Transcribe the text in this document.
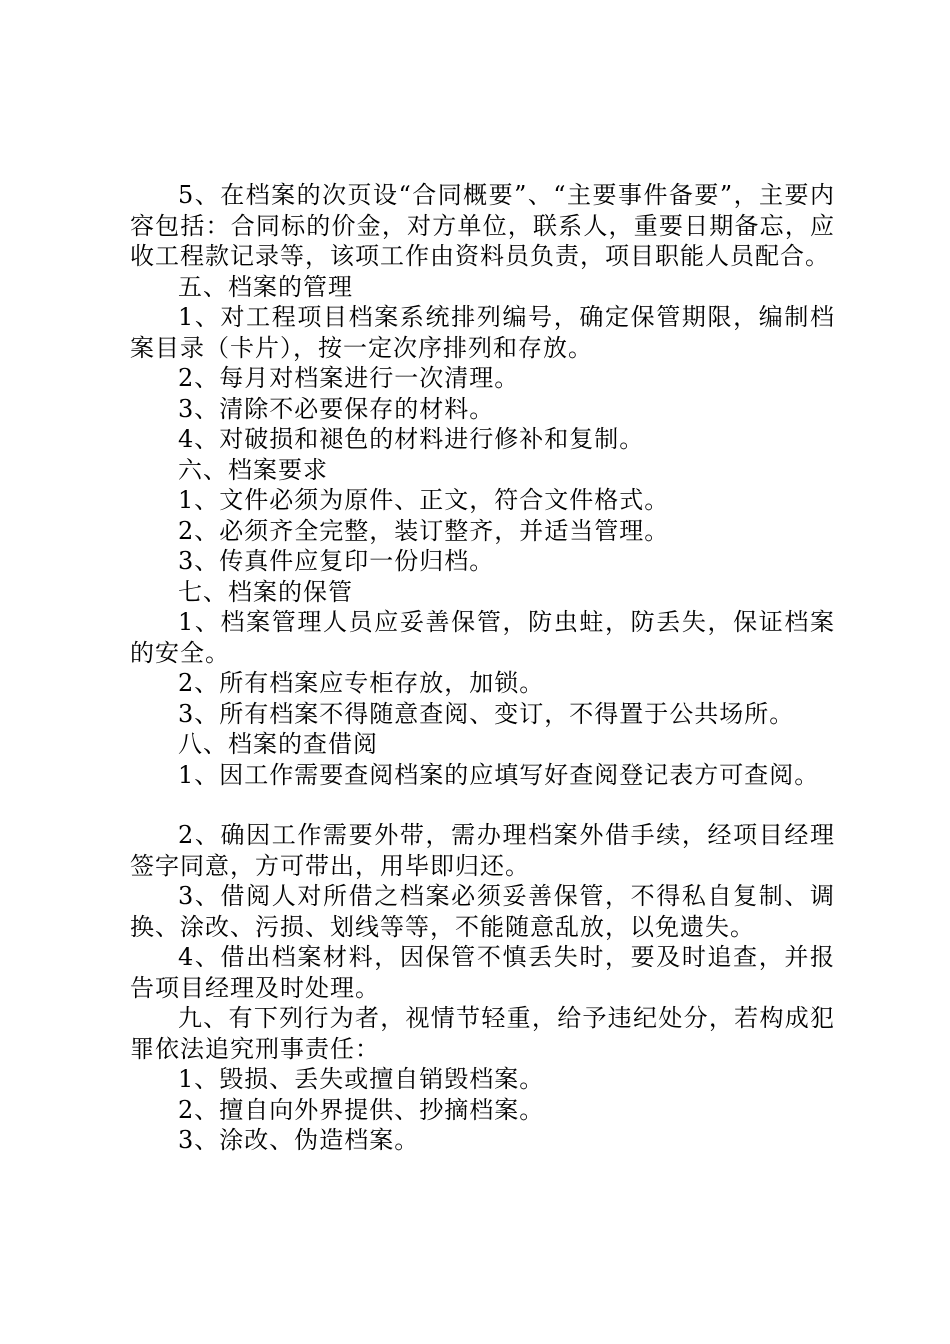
5、在档案的次页设“合同概要”、“主要事件备要”，主要内容包括：合同标的价金，对方单位，联系人，重要日期备忘，应收工程款记录等，该项工作由资料员负责，项目职能人员配合。

五、档案的管理

1、对工程项目档案系统排列编号，确定保管期限，编制档案目录（卡片），按一定次序排列和存放。

2、每月对档案进行一次清理。

3、清除不必要保存的材料。

4、对破损和褪色的材料进行修补和复制。

六、档案要求

1、文件必须为原件、正文，符合文件格式。

2、必须齐全完整，装订整齐，并适当管理。

3、传真件应复印一份归档。

七、档案的保管

1、档案管理人员应妥善保管，防虫蛀，防丢失，保证档案的安全。

2、所有档案应专柜存放，加锁。

3、所有档案不得随意查阅、变订，不得置于公共场所。

八、档案的查借阅

1、因工作需要查阅档案的应填写好查阅登记表方可查阅。

2、确因工作需要外带，需办理档案外借手续，经项目经理签字同意，方可带出，用毕即归还。

3、借阅人对所借之档案必须妥善保管，不得私自复制、调换、涂改、污损、划线等等，不能随意乱放，以免遗失。

4、借出档案材料，因保管不慎丢失时，要及时追查，并报告项目经理及时处理。

九、有下列行为者，视情节轻重，给予违纪处分，若构成犯罪依法追究刑事责任：

1、毁损、丢失或擅自销毁档案。

2、擅自向外界提供、抄摘档案。

3、涂改、伪造档案。
